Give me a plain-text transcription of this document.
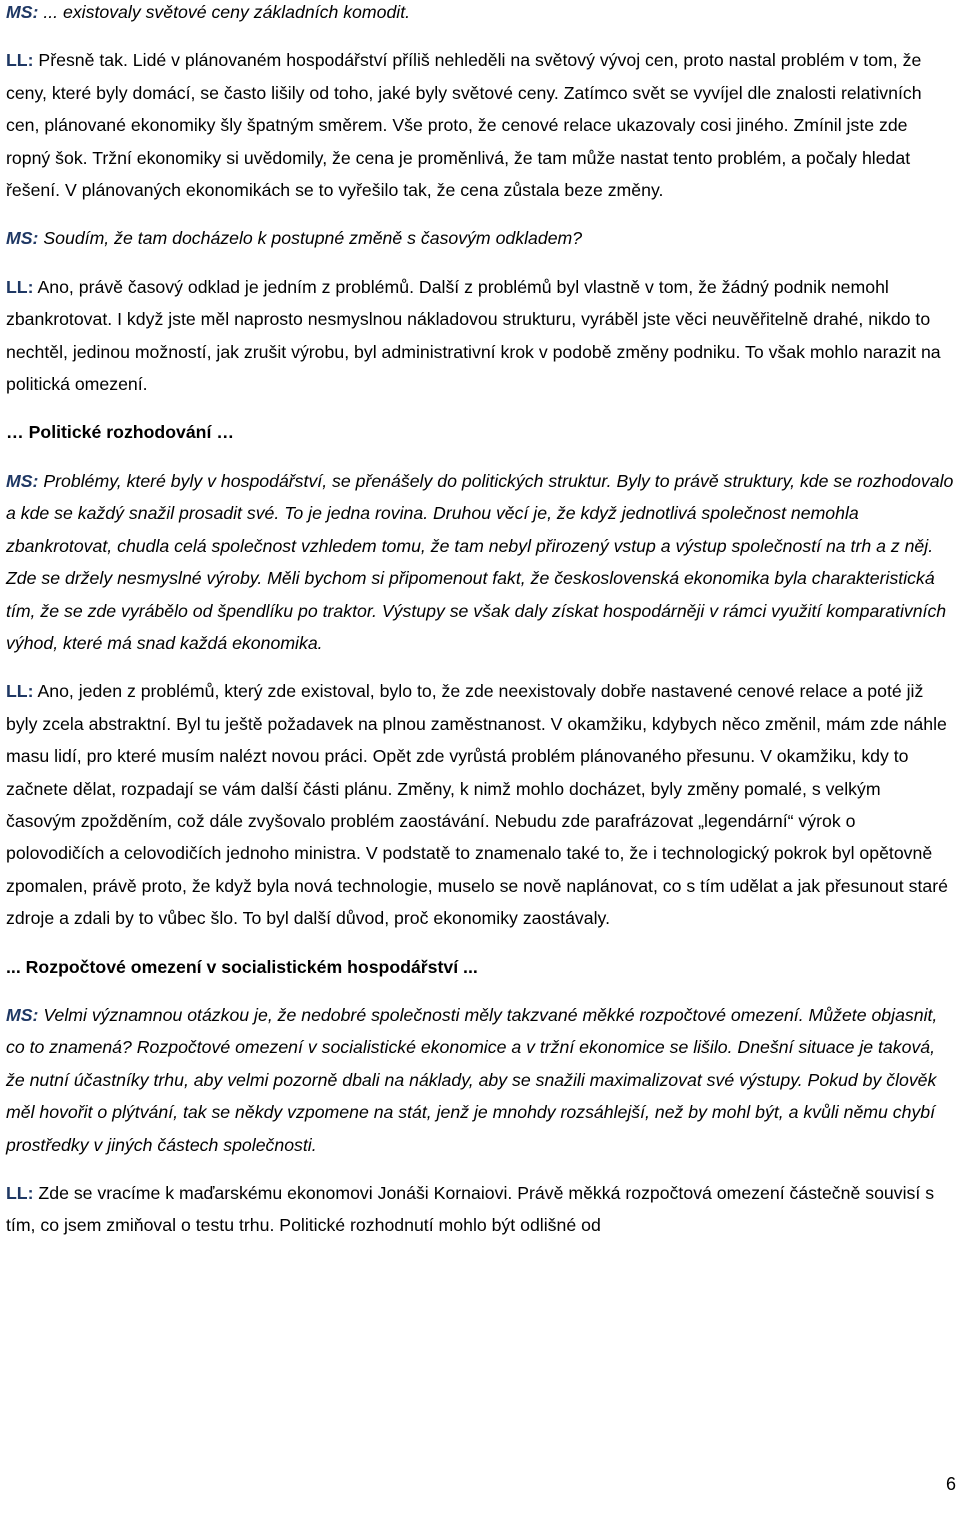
MS: ... existovaly světové ceny základních komodit.

LL: Přesně tak. Lidé v plánovaném hospodářství příliš nehleděli na světový vývoj cen, proto nastal problém v tom, že ceny, které byly domácí, se často lišily od toho, jaké byly světové ceny. Zatímco svět se vyvíjel dle znalosti relativních cen, plánované ekonomiky šly špatným směrem. Vše proto, že cenové relace ukazovaly cosi jiného. Zmínil jste zde ropný šok. Tržní ekonomiky si uvědomily, že cena je proměnlivá, že tam může nastat tento problém, a počaly hledat řešení. V plánovaných ekonomikách se to vyřešilo tak, že cena zůstala beze změny.

MS: Soudím, že tam docházelo k postupné změně s časovým odkladem?

LL: Ano, právě časový odklad je jedním z problémů. Další z problémů byl vlastně v tom, že žádný podnik nemohl zbankrotovat. I když jste měl naprosto nesmyslnou nákladovou strukturu, vyráběl jste věci neuvěřitelně drahé, nikdo to nechtěl, jedinou možností, jak zrušit výrobu, byl administrativní krok v podobě změny podniku. To však mohlo narazit na politická omezení.

… Politické rozhodování …

MS: Problémy, které byly v hospodářství, se přenášely do politických struktur. Byly to právě struktury, kde se rozhodovalo a kde se každý snažil prosadit své. To je jedna rovina. Druhou věcí je, že když jednotlivá společnost nemohla zbankrotovat, chudla celá společnost vzhledem tomu, že tam nebyl přirozený vstup a výstup společností na trh a z něj. Zde se držely nesmyslné výroby. Měli bychom si připomenout fakt, že československá ekonomika byla charakteristická tím, že se zde vyrábělo od špendlíku po traktor. Výstupy se však daly získat hospodárněji v rámci využití komparativních výhod, které má snad každá ekonomika.

LL: Ano, jeden z problémů, který zde existoval, bylo to, že zde neexistovaly dobře nastavené cenové relace a poté již byly zcela abstraktní. Byl tu ještě požadavek na plnou zaměstnanost. V okamžiku, kdybych něco změnil, mám zde náhle masu lidí, pro které musím nalézt novou práci. Opět zde vyrůstá problém plánovaného přesunu. V okamžiku, kdy to začnete dělat, rozpadají se vám další části plánu. Změny, k nimž mohlo docházet, byly změny pomalé, s velkým časovým zpožděním, což dále zvyšovalo problém zaostávání. Nebudu zde parafrázovat „legendární“ výrok o polovodičích a celovodičích jednoho ministra. V podstatě to znamenalo také to, že i technologický pokrok byl opětovně zpomalen, právě proto, že když byla nová technologie, muselo se nově naplánovat, co s tím udělat a jak přesunout staré zdroje a zdali by to vůbec šlo. To byl další důvod, proč ekonomiky zaostávaly.

... Rozpočtové omezení v socialistickém hospodářství ...

MS: Velmi významnou otázkou je, že nedobré společnosti měly takzvané měkké rozpočtové omezení. Můžete objasnit, co to znamená? Rozpočtové omezení v socialistické ekonomice a v tržní ekonomice se lišilo. Dnešní situace je taková, že nutní účastníky trhu, aby velmi pozorně dbali na náklady, aby se snažili maximalizovat své výstupy. Pokud by člověk měl hovořit o plýtvání, tak se někdy vzpomene na stát, jenž je mnohdy rozsáhlejší, než by mohl být, a kvůli němu chybí prostředky v jiných částech společnosti.

LL: Zde se vracíme k maďarskému ekonomovi Jonáši Kornaiovi. Právě měkká rozpočtová omezení částečně souvisí s tím, co jsem zmiňoval o testu trhu. Politické rozhodnutí mohlo být odlišné od

6
